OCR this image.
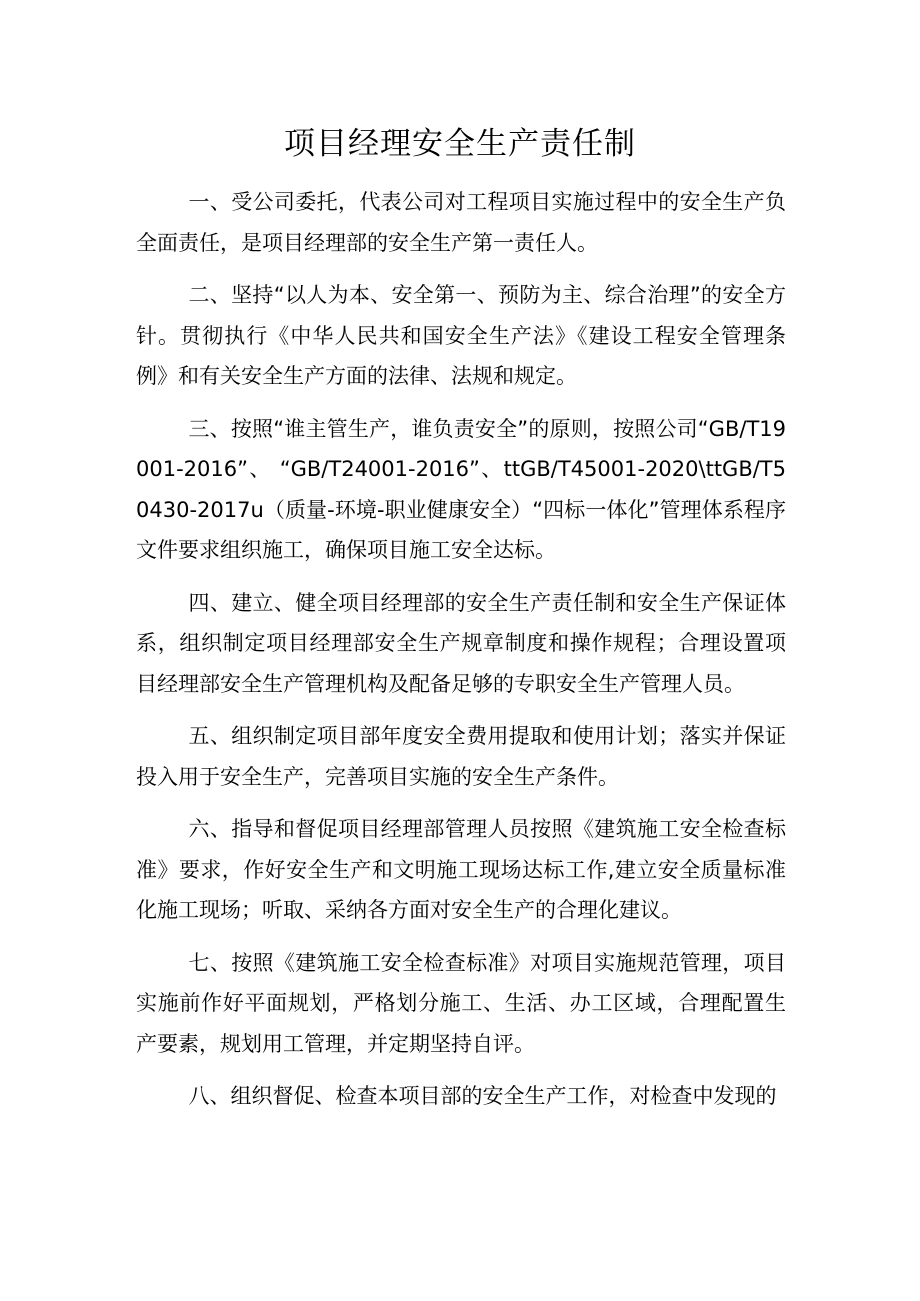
项目经理安全生产责任制

一、受公司委托，代表公司对工程项目实施过程中的安全生产负全面责任，是项目经理部的安全生产第一责任人。

二、坚持“以人为本、安全第一、预防为主、综合治理”的安全方针。贯彻执行《中华人民共和国安全生产法》《建设工程安全管理条例》和有关安全生产方面的法律、法规和规定。

三、按照“谁主管生产，谁负责安全”的原则，按照公司“GB/T19001-2016”、 “GB/T24001-2016”、ttGB/T45001-2020\ttGB/T50430-2017u（质量-环境-职业健康安全）“四标一体化”管理体系程序文件要求组织施工，确保项目施工安全达标。

四、建立、健全项目经理部的安全生产责任制和安全生产保证体系，组织制定项目经理部安全生产规章制度和操作规程；合理设置项目经理部安全生产管理机构及配备足够的专职安全生产管理人员。

五、组织制定项目部年度安全费用提取和使用计划；落实并保证投入用于安全生产，完善项目实施的安全生产条件。

六、指导和督促项目经理部管理人员按照《建筑施工安全检查标准》要求，作好安全生产和文明施工现场达标工作,建立安全质量标准化施工现场；听取、采纳各方面对安全生产的合理化建议。

七、按照《建筑施工安全检查标准》对项目实施规范管理，项目实施前作好平面规划，严格划分施工、生活、办工区域，合理配置生产要素，规划用工管理，并定期坚持自评。

八、组织督促、检查本项目部的安全生产工作，对检查中发现的
